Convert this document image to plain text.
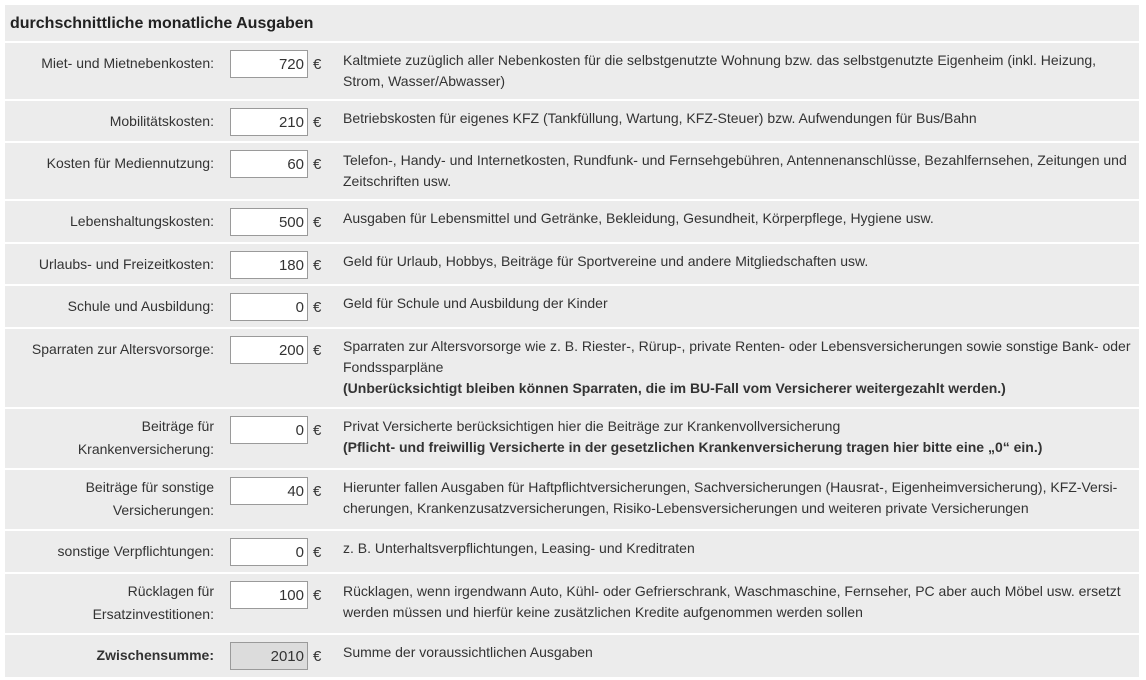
durchschnittliche monatliche Ausgaben
Miet- und Mietnebenkosten:
720	€ Kaltmiete zuzüglich aller Nebenkosten für die selbstgenutzte Wohnung bzw. das selbstgenutzte Eigenheim (inkl. Heizung, Strom, Wasser/Abwasser)
Mobilitätskosten:
210	€ Betriebskosten für eigenes KFZ (Tankfüllung, Wartung, KFZ-Steuer) bzw. Aufwendungen für Bus/Bahn
Kosten für Mediennutzung:
60	€ Telefon-, Handy- und Internetkosten, Rundfunk- und Fernsehgebühren, Antennenanschlüsse, Bezahlfernsehen, Zeitungen und Zeitschriften usw.
Lebenshaltungskosten:
500	€ Ausgaben für Lebensmittel und Getränke, Bekleidung, Gesundheit, Körperpflege, Hygiene usw.
Urlaubs- und Freizeitkosten:
180	€ Geld für Urlaub, Hobbys, Beiträge für Sportvereine und andere Mitgliedschaften usw.
Schule und Ausbildung:
0	€ Geld für Schule und Ausbildung der Kinder
Sparraten zur Altersvorsorge:
200	€ Sparraten zur Altersvorsorge wie z. B. Riester-, Rürup-, private Renten- oder Lebensversicherungen sowie sonstige Bank- oder Fondssparpläne
(Unberücksichtigt bleiben können Sparraten, die im BU-Fall vom Versicherer weitergezahlt werden.)
Beiträge für Krankenversicherung:
0
€ Privat Versicherte berücksichtigen hier die Beiträge zur Krankenvollversicherung
(Pflicht- und freiwillig Versicherte in der gesetzlichen Krankenversicherung tragen hier bitte eine „0“ ein.)
Beiträge für sonstige Versicherungen:
40
€ Hierunter fallen Ausgaben für Haftpflichtversicherungen, Sachversicherungen (Hausrat-, Eigenheimversicherung), KFZ-Versi-cherungen, Krankenzusatzversicherungen, Risiko-Lebensversicherungen und weiteren private Versicherungen
sonstige Verpflichtungen:
0	€ z. B. Unterhaltsverpflichtungen, Leasing- und Kreditraten
Rücklagen für Ersatzinvestitionen:
100
€ Rücklagen, wenn irgendwann Auto, Kühl- oder Gefrierschrank, Waschmaschine, Fernseher, PC aber auch Möbel usw. ersetzt werden müssen und hierfür keine zusätzlichen Kredite aufgenommen werden sollen
Zwischensumme:
2010	€ Summe der voraussichtlichen Ausgaben
